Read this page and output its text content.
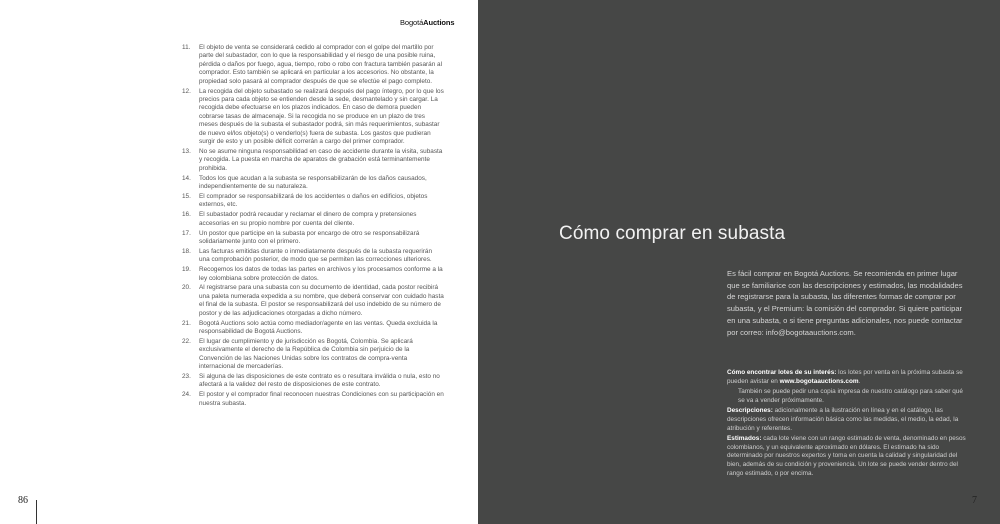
BogotáAuctions
11. El objeto de venta se considerará cedido al comprador con el golpe del martillo por parte del subastador, con lo que la responsabilidad y el riesgo de una posible ruina, pérdida o daños por fuego, agua, tiempo, robo o robo con fractura también pasarán al comprador. Esto también se aplicará en particular a los accesorios. No obstante, la propiedad solo pasará al comprador después de que se efectúe el pago completo.
12. La recogida del objeto subastado se realizará después del pago íntegro, por lo que los precios para cada objeto se entienden desde la sede, desmantelado y sin cargar. La recogida debe efectuarse en los plazos indicados. En caso de demora pueden cobrarse tasas de almacenaje. Si la recogida no se produce en un plazo de tres meses después de la subasta el subastador podrá, sin más requerimientos, subastar de nuevo el/los objeto(s) o venderlo(s) fuera de subasta. Los gastos que pudieran surgir de esto y un posible déficit correrán a cargo del primer comprador.
13. No se asume ninguna responsabilidad en caso de accidente durante la visita, subasta y recogida. La puesta en marcha de aparatos de grabación está terminantemente prohibida.
14. Todos los que acudan a la subasta se responsabilizarán de los daños causados, independientemente de su naturaleza.
15. El comprador se responsabilizará de los accidentes o daños en edificios, objetos externos, etc.
16. El subastador podrá recaudar y reclamar el dinero de compra y pretensiones accesorias en su propio nombre por cuenta del cliente.
17. Un postor que participe en la subasta por encargo de otro se responsabilizará solidariamente junto con el primero.
18. Las facturas emitidas durante o inmediatamente después de la subasta requerirán una comprobación posterior, de modo que se permiten las correcciones ulteriores.
19. Recogemos los datos de todas las partes en archivos y los procesamos conforme a la ley colombiana sobre protección de datos.
20. Al registrarse para una subasta con su documento de identidad, cada postor recibirá una paleta numerada expedida a su nombre, que deberá conservar con cuidado hasta el final de la subasta. El postor se responsabilizará del uso indebido de su número de postor y de las adjudicaciones otorgadas a dicho número.
21. Bogotá Auctions solo actúa como mediador/agente en las ventas. Queda excluida la responsabilidad de Bogotá Auctions.
22. El lugar de cumplimiento y de jurisdicción es Bogotá, Colombia. Se aplicará exclusivamente el derecho de la República de Colombia sin perjuicio de la Convención de las Naciones Unidas sobre los contratos de compra-venta internacional de mercaderías.
23. Si alguna de las disposiciones de este contrato es o resultara inválida o nula, esto no afectará a la validez del resto de disposiciones de este contrato.
24. El postor y el comprador final reconocen nuestras Condiciones con su participación en nuestra subasta.
86
Cómo comprar en subasta

Es fácil comprar en Bogotá Auctions. Se recomienda en primer lugar que se familiarice con las descripciones y estimados, las modalidades de registrarse para la subasta, las diferentes formas de comprar por subasta, y el Premium: la comisión del comprador. Si quiere participar en una subasta, o si tiene preguntas adicionales, nos puede contactar por correo: info@bogotaauctions.com.

Cómo encontrar lotes de su interés: los lotes por venta en la próxima subasta se pueden avistar en www.bogotaauctions.com.
También se puede pedir una copia impresa de nuestro catálogo para saber qué se va a vender próximamente.
Descripciones: adicionalmente a la ilustración en línea y en el catálogo, las descripciones ofrecen información básica como las medidas, el medio, la edad, la atribución y referentes.
Estimados: cada lote viene con un rango estimado de venta, denominado en pesos colombianos, y un equivalente aproximado en dólares. El estimado ha sido determinado por nuestros expertos y toma en cuenta la calidad y singularidad del bien, además de su condición y proveniencia. Un lote se puede vender dentro del rango estimado, o por encima.
7
